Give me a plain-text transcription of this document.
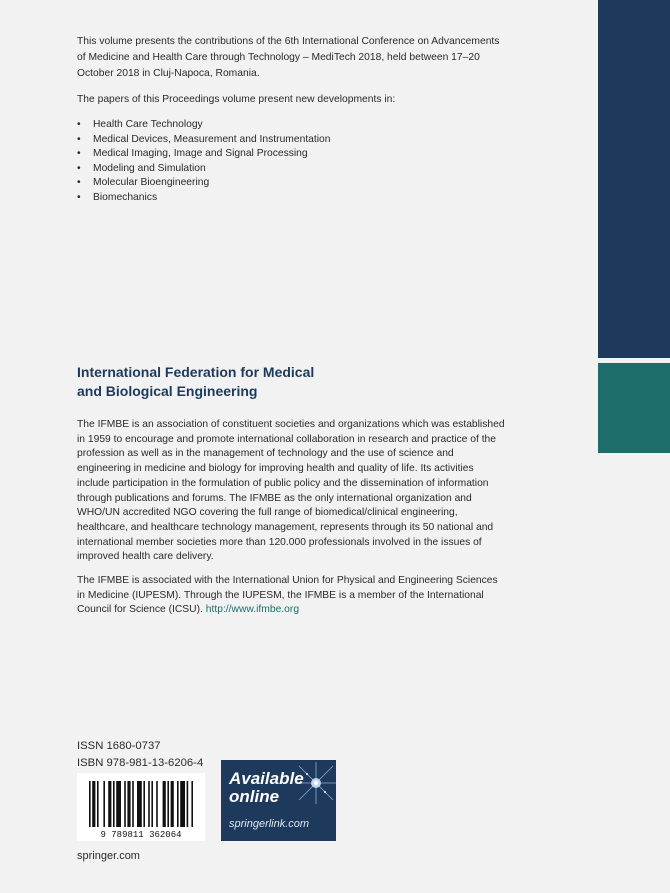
This volume presents the contributions of the 6th International Conference on Advancements of Medicine and Health Care through Technology – MediTech 2018, held between 17–20 October 2018 in Cluj-Napoca, Romania.

The papers of this Proceedings volume present new developments in:

• Health Care Technology
• Medical Devices, Measurement and Instrumentation
• Medical Imaging, Image and Signal Processing
• Modeling and Simulation
• Molecular Bioengineering
• Biomechanics
International Federation for Medical
and Biological Engineering

The IFMBE is an association of constituent societies and organizations which was established in 1959 to encourage and promote international collaboration in research and practice of the profession as well as in the management of technology and the use of science and engineering in medicine and biology for improving health and quality of life. Its activities include participation in the formulation of public policy and the dissemination of information through publications and forums. The IFMBE as the only international organization and WHO/UN accredited NGO covering the full range of biomedical/clinical engineering, healthcare, and healthcare technology management, represents through its 50 national and international member societies more than 120.000 professionals involved in the issues of improved health care delivery.

The IFMBE is associated with the International Union for Physical and Engineering Sciences in Medicine (IUPESM). Through the IUPESM, the IFMBE is a member of the International Council for Science (ICSU). http://www.ifmbe.org

ISSN 1680-0737
ISBN 978-981-13-6206-4
9 789811 362064
Available
online
springerlink.com
springer.com
